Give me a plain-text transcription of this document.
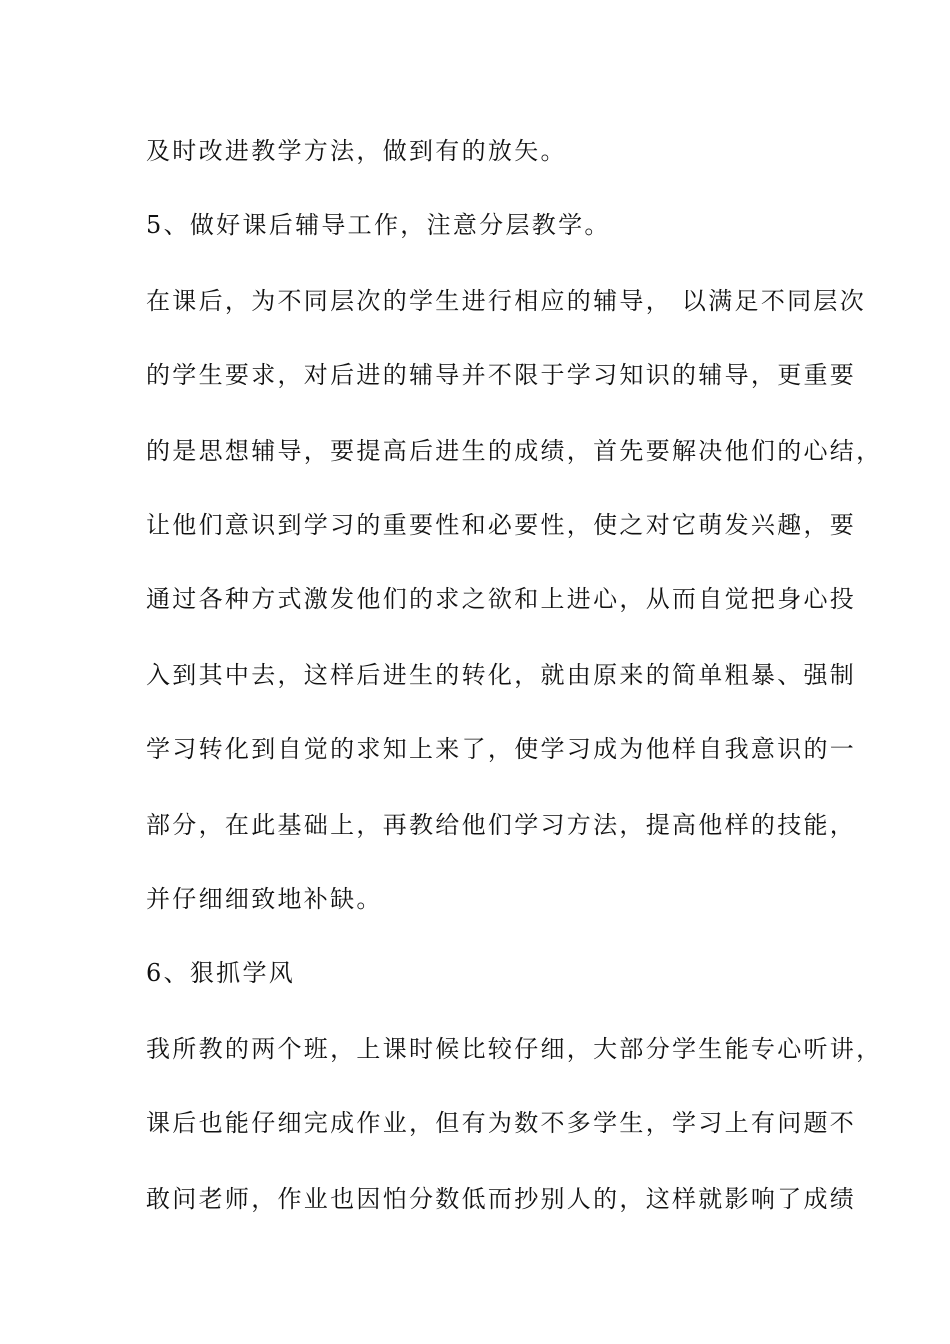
及时改进教学方法，做到有的放矢。
5、做好课后辅导工作，注意分层教学。
在课后，为不同层次的学生进行相应的辅导， 以满足不同层次
的学生要求，对后进的辅导并不限于学习知识的辅导，更重要
的是思想辅导，要提高后进生的成绩，首先要解决他们的心结，
让他们意识到学习的重要性和必要性，使之对它萌发兴趣，要
通过各种方式激发他们的求之欲和上进心，从而自觉把身心投
入到其中去，这样后进生的转化，就由原来的简单粗暴、强制
学习转化到自觉的求知上来了，使学习成为他样自我意识的一
部分，在此基础上，再教给他们学习方法，提高他样的技能，
并仔细细致地补缺。
6、狠抓学风
我所教的两个班，上课时候比较仔细，大部分学生能专心听讲，
课后也能仔细完成作业，但有为数不多学生，学习上有问题不
敢问老师，作业也因怕分数低而抄别人的，这样就影响了成绩
